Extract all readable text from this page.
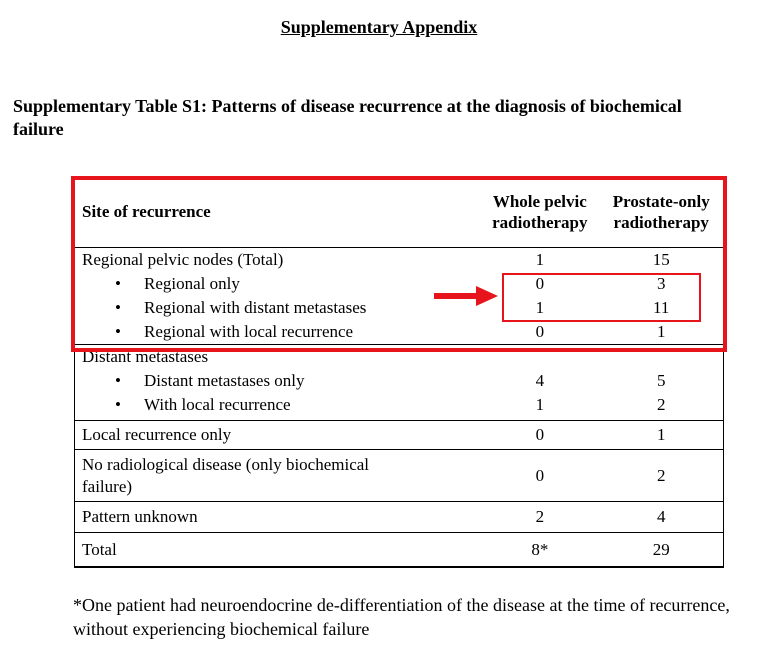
Supplementary Appendix
Supplementary Table S1: Patterns of disease recurrence at the diagnosis of biochemical failure
Site of recurrence	Whole pelvic radiotherapy	Prostate-only radiotherapy
Regional pelvic nodes (Total)	1	15
• Regional only	0	3
• Regional with distant metastases	1	11
• Regional with local recurrence	0	1
Distant metastases		
• Distant metastases only	4	5
• With local recurrence	1	2
Local recurrence only	0	1
No radiological disease (only biochemical failure)	0	2
Pattern unknown	2	4
Total	8*	29
*One patient had neuroendocrine de-differentiation of the disease at the time of recurrence, without experiencing biochemical failure
